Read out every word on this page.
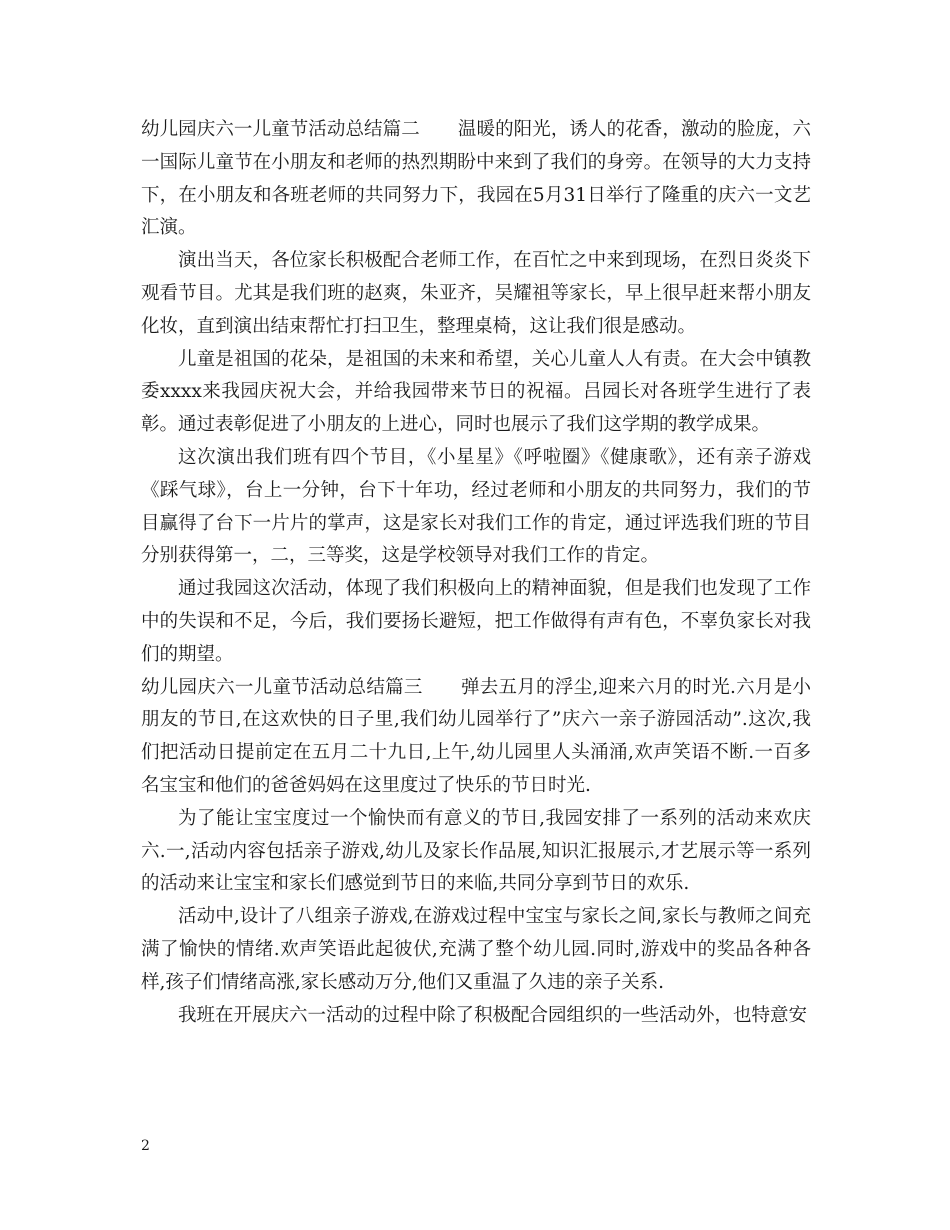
幼儿园庆六一儿童节活动总结篇二 温暖的阳光，诱人的花香，激动的脸庞，六一国际儿童节在小朋友和老师的热烈期盼中来到了我们的身旁。在领导的大力支持下，在小朋友和各班老师的共同努力下，我园在5月31日举行了隆重的庆六一文艺汇演。

演出当天，各位家长积极配合老师工作，在百忙之中来到现场，在烈日炎炎下观看节目。尤其是我们班的赵爽，朱亚齐，吴耀祖等家长，早上很早赶来帮小朋友化妆，直到演出结束帮忙打扫卫生，整理桌椅，这让我们很是感动。

儿童是祖国的花朵，是祖国的未来和希望，关心儿童人人有责。在大会中镇教委xxxx来我园庆祝大会，并给我园带来节日的祝福。吕园长对各班学生进行了表彰。通过表彰促进了小朋友的上进心，同时也展示了我们这学期的教学成果。

这次演出我们班有四个节目，《小星星》《呼啦圈》《健康歌》，还有亲子游戏《踩气球》，台上一分钟，台下十年功，经过老师和小朋友的共同努力，我们的节目赢得了台下一片片的掌声，这是家长对我们工作的肯定，通过评选我们班的节目分别获得第一，二，三等奖，这是学校领导对我们工作的肯定。

通过我园这次活动，体现了我们积极向上的精神面貌，但是我们也发现了工作中的失误和不足，今后，我们要扬长避短，把工作做得有声有色，不辜负家长对我们的期望。

幼儿园庆六一儿童节活动总结篇三 弹去五月的浮尘,迎来六月的时光.六月是小朋友的节日,在这欢快的日子里,我们幼儿园举行了”庆六一亲子游园活动”.这次,我们把活动日提前定在五月二十九日,上午,幼儿园里人头涌涌,欢声笑语不断.一百多名宝宝和他们的爸爸妈妈在这里度过了快乐的节日时光.

为了能让宝宝度过一个愉快而有意义的节日,我园安排了一系列的活动来欢庆六.一,活动内容包括亲子游戏,幼儿及家长作品展,知识汇报展示,才艺展示等一系列的活动来让宝宝和家长们感觉到节日的来临,共同分享到节日的欢乐.

活动中,设计了八组亲子游戏,在游戏过程中宝宝与家长之间,家长与教师之间充满了愉快的情绪.欢声笑语此起彼伏,充满了整个幼儿园.同时,游戏中的奖品各种各样,孩子们情绪高涨,家长感动万分,他们又重温了久违的亲子关系.

我班在开展庆六一活动的过程中除了积极配合园组织的一些活动外，也特意安

2
